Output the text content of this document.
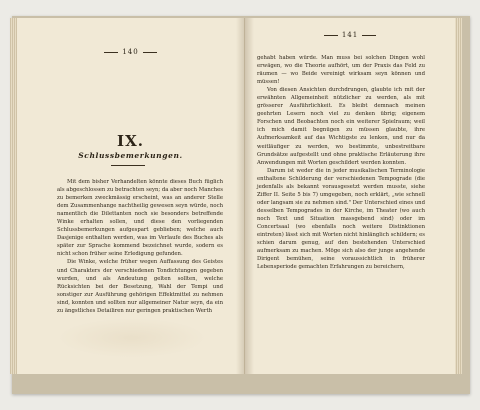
140
IX.
Schlussbemerkungen.

Mit dem bisher Verhandelten könnte dieses Buch füglich als abgeschlossen zu betrachten seyn; da aber noch Manches zu bemerken zweckmässig erscheint, was an anderer Stelle dem Zusammenhange nachtheilig gewesen seyn würde, noch namentlich die Dilettanten noch sie besonders betreffende Winke erhalten sollen, und diese den vorliegenden Schlussbemerkungen aufgespart geblieben; welche auch Dasjenige enthalten werden, was im Verlaufe des Buches als später zur Sprache kommend bezeichnet wurde, sodern es nicht schon früher seine Erledigung gefunden.

Die Winke, welche früher wegen Auffassung des Geistes und Charakters der verschiedenen Tondichtungen gegeben wurden, und als Andeutung gelten sollten, welche Rücksichten bei der Besetzung, Wahl der Tempi und sonstiger zur Ausführung gehörigen Effektmittel zu nehmen sind, konnten und sollten nur allgemeiner Natur seyn, da ein zu ängstliches Detailiren nur geringen praktischen Werth

141

gehabt haben würde. Man muss bei solchen Dingen wohl erwägen, wo die Theorie aufhört, um der Praxis das Feld zu räumen — wo Beide vereinigt wirksam seyn können und müssen!

Von diesen Ansichten durchdrungen, glaubte ich mit der erwähnten Allgemeinheit nützlicher zu werden, als mit grösserer Ausführlichkeit. Es bleibt demnach meinen geehrten Lesern noch viel zu denken übrig; eigenem Forschen und Beobachten noch ein weiterer Spielraum; weil ich mich damit begnügen zu müssen glaubte, ihre Aufmerksamkeit auf das Wichtigste zu lenken, und nur da weitläufiger zu werden, wo bestimmte, unbestreitbare Grundsätze aufgestellt und ohne praktische Erläuterung ihre Anwendungen mit Worten geschildert werden konnten.

Darum ist weder die in jeder musikalischen Terminologie enthaltene Schilderung der verschiedenen Tempograde (die jedenfalls als bekannt vorausgesetzt werden musste, siehe Ziffer II. Seite 5 bis 7) umgegeben, noch erklärt, „wie schnell oder langsam sie zu nehmen sind." Der Unterschied eines und desselben Tempogrades in der Kirche, im Theater (wo auch noch Text und Situation massgebend sind) oder im Concertsaal (wo ebenfalls noch weitere Distinktionen eintreten) lässt sich mit Worten nicht hinlänglich schildern; es schien darum genug, auf den bestehenden Unterschied aufmerksam zu machen. Möge sich also der junge angehende Dirigent bemühen, seine voraussichtlich in früherer Lebensperiode gemachten Erfahrungen zu bereichern,
